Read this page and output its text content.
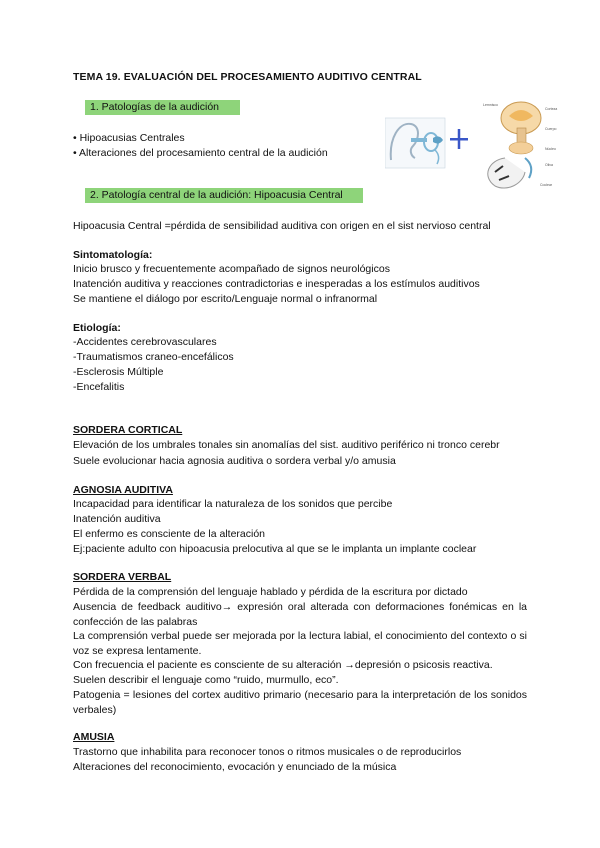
TEMA 19. EVALUACIÓN DEL PROCESAMIENTO AUDITIVO CENTRAL
1. Patologías de la audición
• Hipoacusias Centrales
• Alteraciones del procesamiento central de la audición
Lemnisco
Corteza
Cuerpo
Núcleo
Oliva
Coclear
2. Patología central de la audición: Hipoacusia Central
Hipoacusia Central =pérdida de sensibilidad auditiva con origen en el sist nervioso central
Sintomatología:
Inicio brusco y frecuentemente acompañado de signos neurológicos
Inatención auditiva y reacciones contradictorias e inesperadas a los estímulos auditivos
Se mantiene el diálogo por escrito/Lenguaje normal o infranormal
Etiología:
-Accidentes cerebrovasculares
-Traumatismos craneo-encefálicos
-Esclerosis Múltiple
-Encefalitis
SORDERA CORTICAL
Elevación de los umbrales tonales sin anomalías del sist. auditivo periférico ni tronco cerebr
Suele evolucionar hacia agnosia auditiva o sordera verbal y/o amusia
AGNOSIA AUDITIVA
Incapacidad para identificar la naturaleza de los sonidos que percibe
Inatención auditiva
El enfermo es consciente de la alteración
Ej:paciente adulto con hipoacusia prelocutiva al que se le implanta un implante coclear
SORDERA VERBAL
Pérdida de la comprensión del lenguaje hablado y pérdida de la escritura por dictado
Ausencia de feedback auditivo→ expresión oral alterada con deformaciones fonémicas en la confección de las palabras
La comprensión verbal puede ser mejorada por la lectura labial, el conocimiento del contexto o si voz se expresa lentamente.
Con frecuencia el paciente es consciente de su alteración →depresión o psicosis reactiva.
Suelen describir el lenguaje como “ruido, murmullo, eco”.
Patogenia = lesiones del cortex auditivo primario (necesario para la interpretación de los sonidos verbales)
AMUSIA
Trastorno que inhabilita para reconocer tonos o ritmos musicales o de reproducirlos
Alteraciones del reconocimiento, evocación y enunciado de la música
